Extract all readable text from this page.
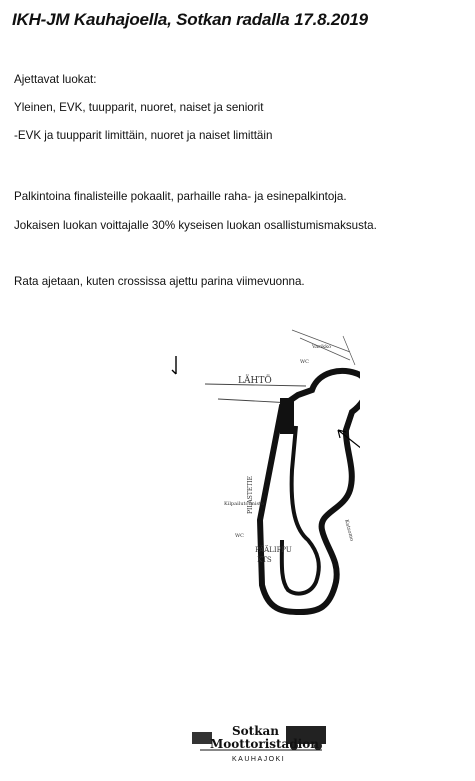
IKH-JM Kauhajoella, Sotkan radalla 17.8.2019
Ajettavat luokat:
Yleinen, EVK, tuupparit, nuoret, naiset ja seniorit
-EVK ja tuupparit limittäin, nuoret ja naiset limittäin
Palkintoina finalisteille pokaalit, parhaille raha- ja esinepalkintoja.
Jokaisen luokan voittajalle 30% kyseisen luokan osallistumismaksusta.
Rata ajetaan, kuten crossissa ajettu parina viimevuonna.
LÄHTÖ
Varikko
WC
Kilpailutoimisto
WC
PILASTETIE
Katsomo
PÄÄLIPPU
KTS
Sotkan
Moottoristadion
KAUHAJOKI
